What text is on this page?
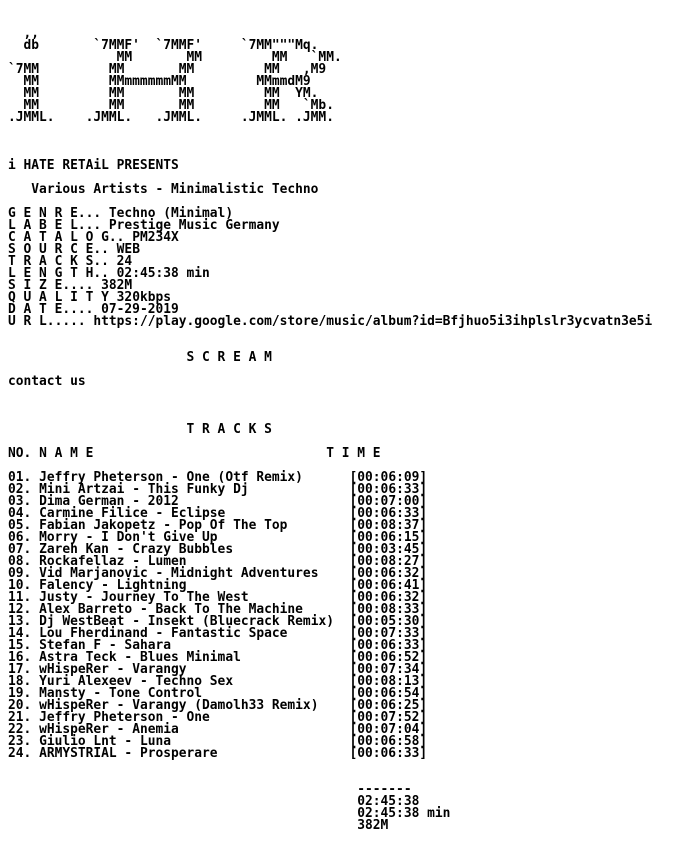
,,
db       `7MMF'  `7MMF'     `7MM"""Mq.
MM       MM         MM   `MM.
`7MM         MM       MM         MM   ,M9
MM         MMmmmmmmMM         MMmmdM9
MM         MM       MM         MM  YM.
MM         MM       MM         MM   `Mb.
.JMML.    .JMML.   .JMML.     .JMML. .JMM.

i HATE RETAiL PRESENTS

Various Artists - Minimalistic Techno

G E N R E... Techno (Minimal)
L A B E L... Prestige Music Germany
C A T A L O G.. PM234X
S O U R C E.. WEB
T R A C K S.. 24
L E N G T H.. 02:45:38 min
S I Z E.... 382M
Q U A L I T Y 320kbps
D A T E.... 07-29-2019
U R L..... https://play.google.com/store/music/album?id=Bfjhuo5i3ihplslr3ycvatn3e5i

S C R E A M

contact us

T R A C K S

NO. N A M E	T I M E

01. Jeffry Pheterson - One (Otf Remix)	[00:06:09]
02. Mini Artzai - This Funky Dj	[00:06:33]
03. Dima German - 2012	[00:07:00]
04. Carmine Filice - Eclipse	[00:06:33]
05. Fabian Jakopetz - Pop Of The Top	[00:08:37]
06. Morry - I Don't Give Up	[00:06:15]
07. Zareh Kan - Crazy Bubbles	[00:03:45]
08. Rockafellaz - Lumen	[00:08:27]
09. Vid Marjanovic - Midnight Adventures [00:06:32]
10. Falency - Lightning	[00:06:41]
11. Justy - Journey To The West	[00:06:32]
12. Alex Barreto - Back To The Machine	[00:08:33]
13. Dj WestBeat - Insekt (Bluecrack Remix) [00:05:30]
14. Lou Fherdinand - Fantastic Space	[00:07:33]
15. Stefan F - Sahara	[00:06:33]
16. Astra Teck - Blues Minimal	[00:06:52]
17. wHispeRer - Varangy	[00:07:34]
18. Yuri Alexeev - Techno Sex	[00:08:13]
19. Mansty - Tone Control	[00:06:54]
20. wHispeRer - Varangy (Damolh33 Remix) [00:06:25]
21. Jeffry Pheterson - One	[00:07:52]
22. wHispeRer - Anemia	[00:07:04]
23. Giulio Lnt - Luna	[00:06:58]
24. ARMYSTRIAL - Prosperare	[00:06:33]

-------
02:45:38
02:45:38 min
382M
